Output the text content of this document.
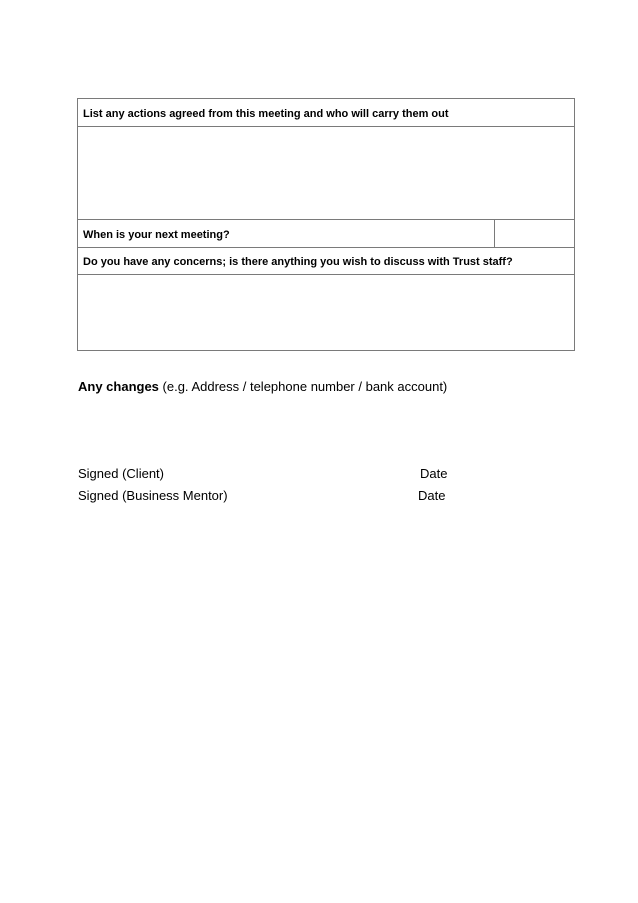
List any actions agreed from this meeting and who will carry them out
When is your next meeting?
Do you have any concerns; is there anything you wish to discuss with Trust staff?
Any changes (e.g. Address / telephone number / bank account)
Signed (Client)	Date
Signed (Business Mentor)	Date
